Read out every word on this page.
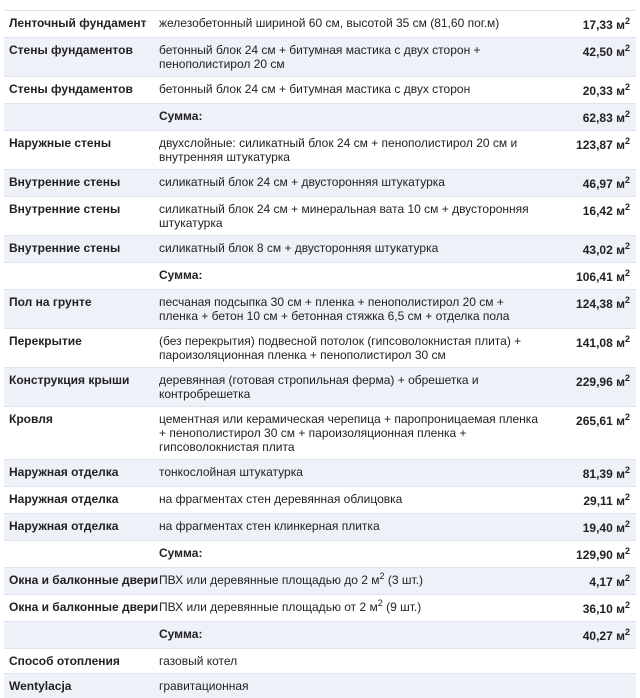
Ленточный фундамент	железобетонный шириной 60 см, высотой 35 см (81,60 пог.м)	17,33 $м^2$
Стены фундаментов	бетонный блок 24 см + битумная мастика с двух сторон + пенополистирол 20 см	42,50 $м^2$
Стены фундаментов	бетонный блок 24 см + битумная мастика с двух сторон	20,33 $м^2$
	Сумма:	62,83 $м^2$
Наружные стены	двухслойные: силикатный блок 24 см + пенополистирол 20 см и внутренняя штукатурка	123,87 $м^2$
Внутренние стены	силикатный блок 24 см + двусторонняя штукатурка	46,97 $м^2$
Внутренние стены	силикатный блок 24 см + минеральная вата 10 см + двусторонняя штукатурка	16,42 $м^2$
Внутренние стены	силикатный блок 8 см + двусторонняя штукатурка	43,02 $м^2$
	Сумма:	106,41 $м^2$
Пол на грунте	песчаная подсыпка 30 см + пленка + пенополистирол 20 см + пленка + бетон 10 см + бетонная стяжка 6,5 см + отделка пола	124,38 $м^2$
Перекрытие	(без перекрытия) подвесной потолок (гипсоволокнистая плита) + пароизоляционная пленка + пенополистирол 30 см	141,08 $м^2$
Конструкция крыши	деревянная (готовая стропильная ферма) + обрешетка и контробрешетка	229,96 $м^2$
Кровля	цементная или керамическая черепица + паропроницаемая пленка + пенополистирол 30 см + пароизоляционная пленка + гипсоволокнистая плита	265,61 $м^2$
Наружная отделка	тонкослойная штукатурка	81,39 $м^2$
Наружная отделка	на фрагментах стен деревянная облицовка	29,11 $м^2$
Наружная отделка	на фрагментах стен клинкерная плитка	19,40 $м^2$
	Сумма:	129,90 $м^2$
Окна и балконные двери	ПВХ или деревянные площадью до 2 $м^2$ (3 шт.)	4,17 $м^2$
Окна и балконные двери	ПВХ или деревянные площадью от 2 $м^2$ (9 шт.)	36,10 $м^2$
	Сумма:	40,27 $м^2$
Способ отопления	газовый котел	
Wentylacja	гравитационная	
